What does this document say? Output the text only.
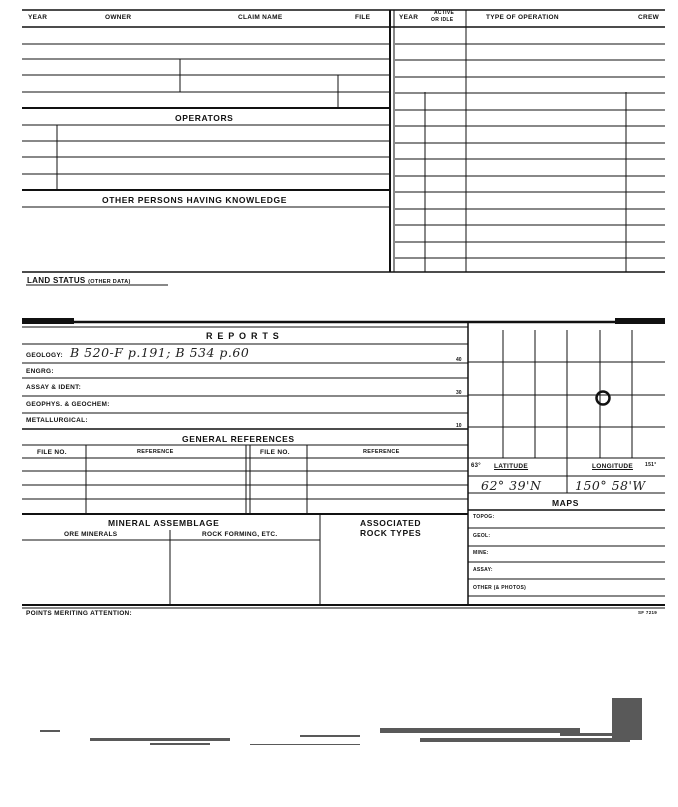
YEAR	OWNER	CLAIM NAME	FILE	YEAR
ACTIVE
OR IDLE	TYPE OF OPERATION	CREW
OPERATORS
OTHER PERSONS HAVING KNOWLEDGE
LAND STATUS (OTHER DATA)
R E P O R T S
GEOLOGY: B 520-F p.191; B 534 p.60
ENGRG:
ASSAY & IDENT:
GEOPHYS. & GEOCHEM:
METALLURGICAL:
40
30
10
GENERAL REFERENCES
FILE NO.	REFERENCE	FILE NO.	REFERENCE
MINERAL ASSEMBLAGE
ORE MINERALS	ROCK FORMING, ETC.
ASSOCIATED
ROCK TYPES
63° LATITUDE	LONGITUDE 151°
62° 39'N	150° 58'W
MAPS
TOPOG:
GEOL:
MINE:
ASSAY:
OTHER (& PHOTOS)
POINTS MERITING ATTENTION:	SF 7219
